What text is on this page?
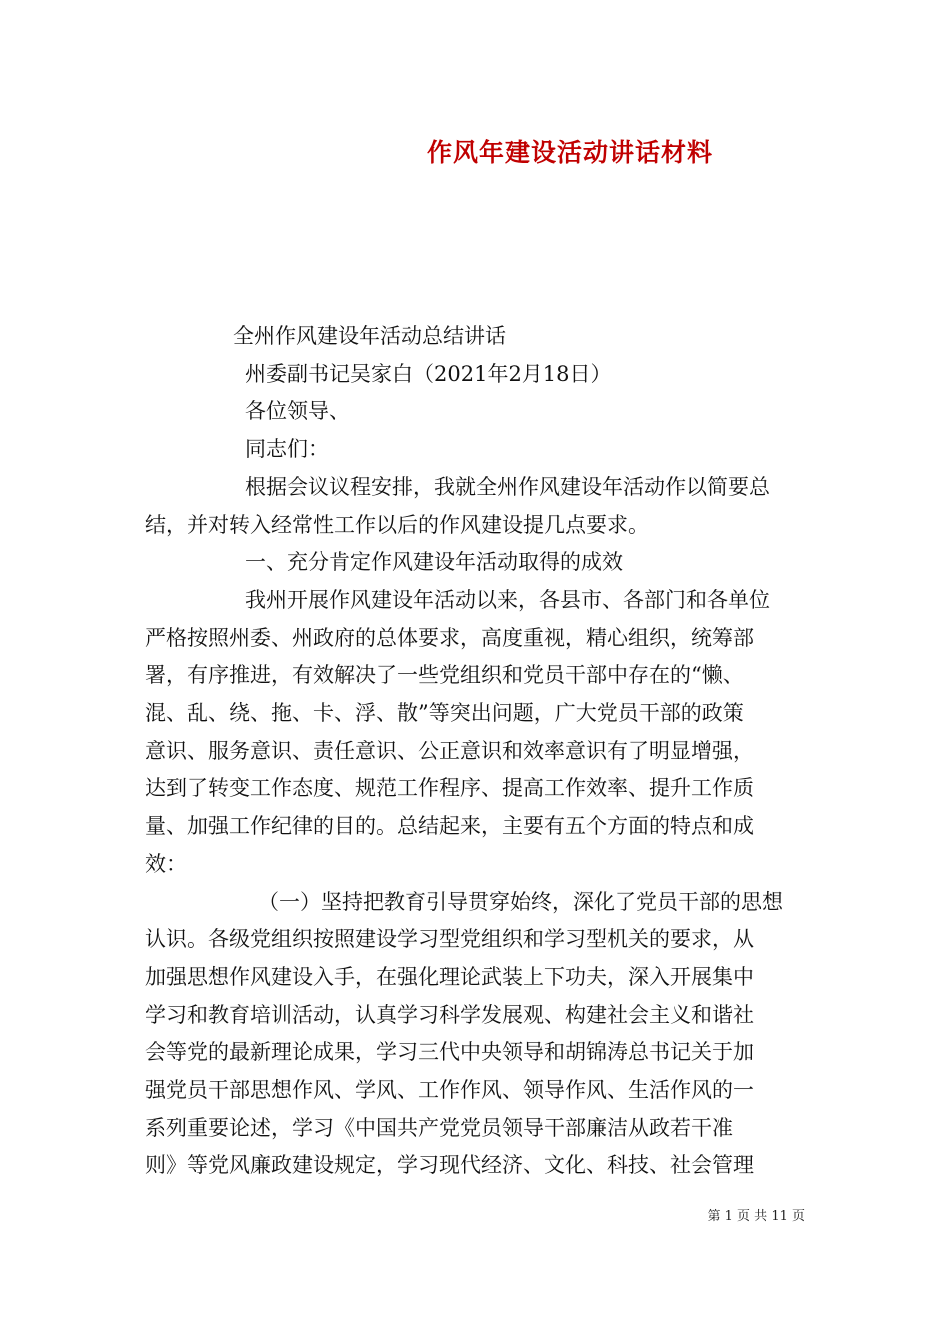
作风年建设活动讲话材料

全州作风建设年活动总结讲话

州委副书记吴家白（2021年2月18日）

各位领导、

同志们：

根据会议议程安排，我就全州作风建设年活动作以简要总
结，并对转入经常性工作以后的作风建设提几点要求。

一、充分肯定作风建设年活动取得的成效

我州开展作风建设年活动以来，各县市、各部门和各单位
严格按照州委、州政府的总体要求，高度重视，精心组织，统筹部
署，有序推进，有效解决了一些党组织和党员干部中存在的“懒、
混、乱、绕、拖、卡、浮、散”等突出问题，广大党员干部的政策
意识、服务意识、责任意识、公正意识和效率意识有了明显增强，
达到了转变工作态度、规范工作程序、提高工作效率、提升工作质
量、加强工作纪律的目的。总结起来，主要有五个方面的特点和成
效：

（一）坚持把教育引导贯穿始终，深化了党员干部的思想
认识。各级党组织按照建设学习型党组织和学习型机关的要求，从
加强思想作风建设入手，在强化理论武装上下功夫，深入开展集中
学习和教育培训活动，认真学习科学发展观、构建社会主义和谐社
会等党的最新理论成果，学习三代中央领导和胡锦涛总书记关于加
强党员干部思想作风、学风、工作作风、领导作风、生活作风的一
系列重要论述，学习《中国共产党党员领导干部廉洁从政若干准
则》等党风廉政建设规定，学习现代经济、文化、科技、社会管理

第 1 页 共 11 页
